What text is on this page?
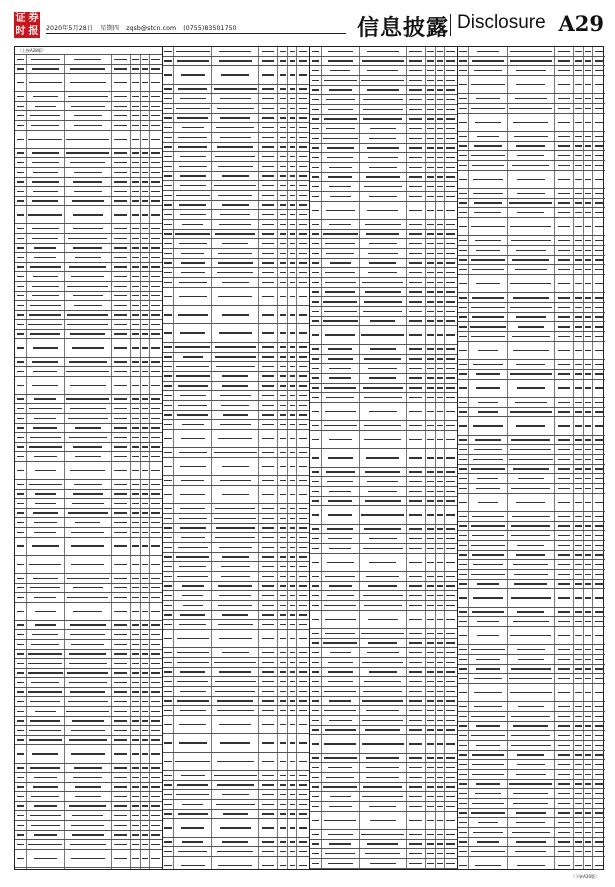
证 券
时 报 2020年5月28日 星期四 zqsb@stcn.com (0755)83501750	信息披露 Disclosure A29
（上接A28版）
（下转A30版）
